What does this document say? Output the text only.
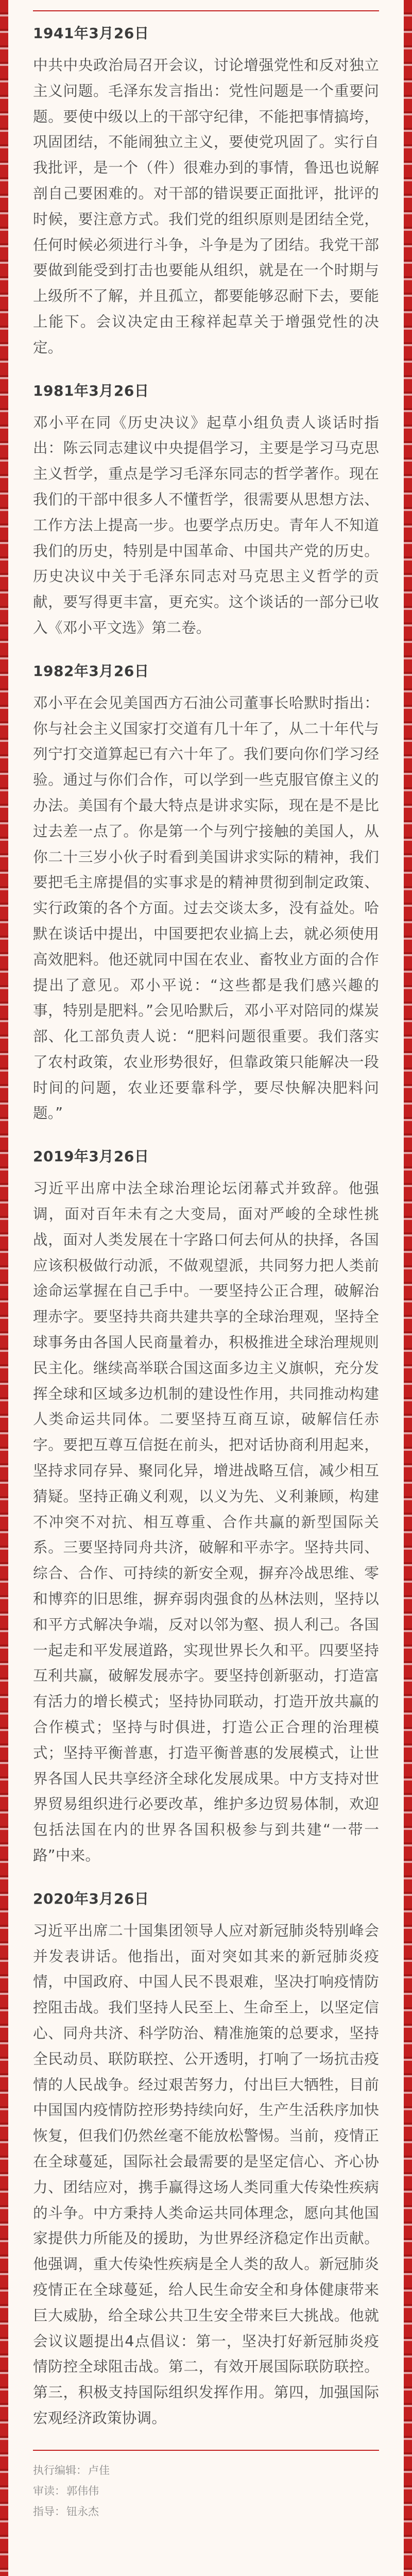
1941年3月26日

中共中央政治局召开会议，讨论增强党性和反对独立主义问题。毛泽东发言指出：党性问题是一个重要问题。要使中级以上的干部守纪律，不能把事情搞垮，巩固团结，不能闹独立主义，要使党巩固了。实行自我批评，是一个（件）很难办到的事情，鲁迅也说解剖自己要困难的。对干部的错误要正面批评，批评的时候，要注意方式。我们党的组织原则是团结全党，任何时候必须进行斗争，斗争是为了团结。我党干部要做到能受到打击也要能从组织，就是在一个时期与上级所不了解，并且孤立，都要能够忍耐下去，要能上能下。会议决定由王稼祥起草关于增强党性的决定。

1981年3月26日

邓小平在同《历史决议》起草小组负责人谈话时指出：陈云同志建议中央提倡学习，主要是学习马克思主义哲学，重点是学习毛泽东同志的哲学著作。现在我们的干部中很多人不懂哲学，很需要从思想方法、工作方法上提高一步。也要学点历史。青年人不知道我们的历史，特别是中国革命、中国共产党的历史。历史决议中关于毛泽东同志对马克思主义哲学的贡献，要写得更丰富，更充实。这个谈话的一部分已收入《邓小平文选》第二卷。

1982年3月26日

邓小平在会见美国西方石油公司董事长哈默时指出：你与社会主义国家打交道有几十年了，从二十年代与列宁打交道算起已有六十年了。我们要向你们学习经验。通过与你们合作，可以学到一些克服官僚主义的办法。美国有个最大特点是讲求实际，现在是不是比过去差一点了。你是第一个与列宁接触的美国人，从你二十三岁小伙子时看到美国讲求实际的精神，我们要把毛主席提倡的实事求是的精神贯彻到制定政策、实行政策的各个方面。过去交谈太多，没有益处。哈默在谈话中提出，中国要把农业搞上去，就必须使用高效肥料。他还就同中国在农业、畜牧业方面的合作提出了意见。邓小平说：“这些都是我们感兴趣的事，特别是肥料。”会见哈默后，邓小平对陪同的煤炭部、化工部负责人说：“肥料问题很重要。我们落实了农村政策，农业形势很好，但靠政策只能解决一段时间的问题，农业还要靠科学，要尽快解决肥料问题。”

2019年3月26日

习近平出席中法全球治理论坛闭幕式并致辞。他强调，面对百年未有之大变局，面对严峻的全球性挑战，面对人类发展在十字路口何去何从的抉择，各国应该积极做行动派，不做观望派，共同努力把人类前途命运掌握在自己手中。一要坚持公正合理，破解治理赤字。要坚持共商共建共享的全球治理观，坚持全球事务由各国人民商量着办，积极推进全球治理规则民主化。继续高举联合国这面多边主义旗帜，充分发挥全球和区域多边机制的建设性作用，共同推动构建人类命运共同体。二要坚持互商互谅，破解信任赤字。要把互尊互信挺在前头，把对话协商利用起来，坚持求同存异、聚同化异，增进战略互信，减少相互猜疑。坚持正确义利观，以义为先、义利兼顾，构建不冲突不对抗、相互尊重、合作共赢的新型国际关系。三要坚持同舟共济，破解和平赤字。坚持共同、综合、合作、可持续的新安全观，摒弃冷战思维、零和博弈的旧思维，摒弃弱肉强食的丛林法则，坚持以和平方式解决争端，反对以邻为壑、损人利己。各国一起走和平发展道路，实现世界长久和平。四要坚持互利共赢，破解发展赤字。要坚持创新驱动，打造富有活力的增长模式；坚持协同联动，打造开放共赢的合作模式；坚持与时俱进，打造公正合理的治理模式；坚持平衡普惠，打造平衡普惠的发展模式，让世界各国人民共享经济全球化发展成果。中方支持对世界贸易组织进行必要改革，维护多边贸易体制，欢迎包括法国在内的世界各国积极参与到共建“一带一路”中来。

2020年3月26日

习近平出席二十国集团领导人应对新冠肺炎特别峰会并发表讲话。他指出，面对突如其来的新冠肺炎疫情，中国政府、中国人民不畏艰难，坚决打响疫情防控阻击战。我们坚持人民至上、生命至上，以坚定信心、同舟共济、科学防治、精准施策的总要求，坚持全民动员、联防联控、公开透明，打响了一场抗击疫情的人民战争。经过艰苦努力，付出巨大牺牲，目前中国国内疫情防控形势持续向好，生产生活秩序加快恢复，但我们仍然丝毫不能放松警惕。当前，疫情正在全球蔓延，国际社会最需要的是坚定信心、齐心协力、团结应对，携手赢得这场人类同重大传染性疾病的斗争。中方秉持人类命运共同体理念，愿向其他国家提供力所能及的援助，为世界经济稳定作出贡献。他强调，重大传染性疾病是全人类的敌人。新冠肺炎疫情正在全球蔓延，给人民生命安全和身体健康带来巨大威胁，给全球公共卫生安全带来巨大挑战。他就会议议题提出4点倡议：第一，坚决打好新冠肺炎疫情防控全球阻击战。第二，有效开展国际联防联控。第三，积极支持国际组织发挥作用。第四，加强国际宏观经济政策协调。

执行编辑：卢佳
审读：郭伟伟
指导：钮永杰
